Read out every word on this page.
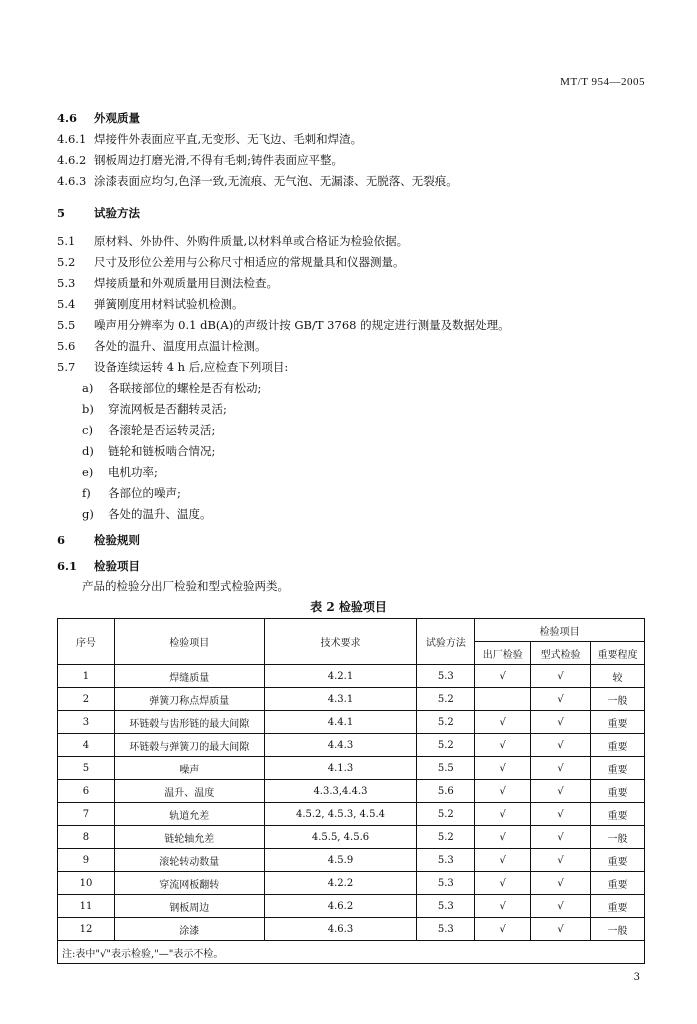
MT/T 954—2005
4.6 外观质量
4.6.1 焊接件外表面应平直,无变形、无飞边、毛刺和焊渣。
4.6.2 钢板周边打磨光滑,不得有毛刺;铸件表面应平整。
4.6.3 涂漆表面应均匀,色泽一致,无流痕、无气泡、无漏漆、无脱落、无裂痕。
5	试验方法
5.1 原材料、外协件、外购件质量,以材料单或合格证为检验依据。
5.2 尺寸及形位公差用与公称尺寸相适应的常规量具和仪器测量。
5.3 焊接质量和外观质量用目测法检查。
5.4 弹簧刚度用材料试验机检测。
5.5 噪声用分辨率为 0.1 dB(A)的声级计按 GB/T 3768 的规定进行测量及数据处理。
5.6 各处的温升、温度用点温计检测。
5.7 设备连续运转 4 h 后,应检查下列项目:
a) 各联接部位的螺栓是否有松动;
b) 穿流网板是否翻转灵活;
c) 各滚轮是否运转灵活;
d) 链轮和链板啮合情况;
e) 电机功率;
f) 各部位的噪声;
g) 各处的温升、温度。
6	检验规则
6.1 检验项目
产品的检验分出厂检验和型式检验两类。
表 2 检验项目
序号	检验项目	技术要求	试验方法	检验项目		
				出厂检验	型式检验	重要程度
1	焊缝质量	4.2.1	5.3	√	√	较
2	弹簧刀称点焊质量	4.3.1	5.2		√	一般
3	环链毂与齿形链的最大间隙	4.4.1	5.2	√	√	重要
4	环链毂与弹簧刀的最大间隙	4.4.3	5.2	√	√	重要
5	噪声	4.1.3	5.5	√	√	重要
6	温升、温度	4.3.3,4.4.3	5.6	√	√	重要
7	轨道允差	4.5.2, 4.5.3, 4.5.4	5.2	√	√	重要
8	链轮轴允差	4.5.5, 4.5.6	5.2	√	√	一般
9	滚轮转动数量	4.5.9	5.3	√	√	重要
10	穿流网板翻转	4.2.2	5.3	√	√	重要
11	钢板周边	4.6.2	5.3	√	√	重要
12	涂漆	4.6.3	5.3	√	√	一般
注:表中"√"表示检验,"—"表示不检。						
3
